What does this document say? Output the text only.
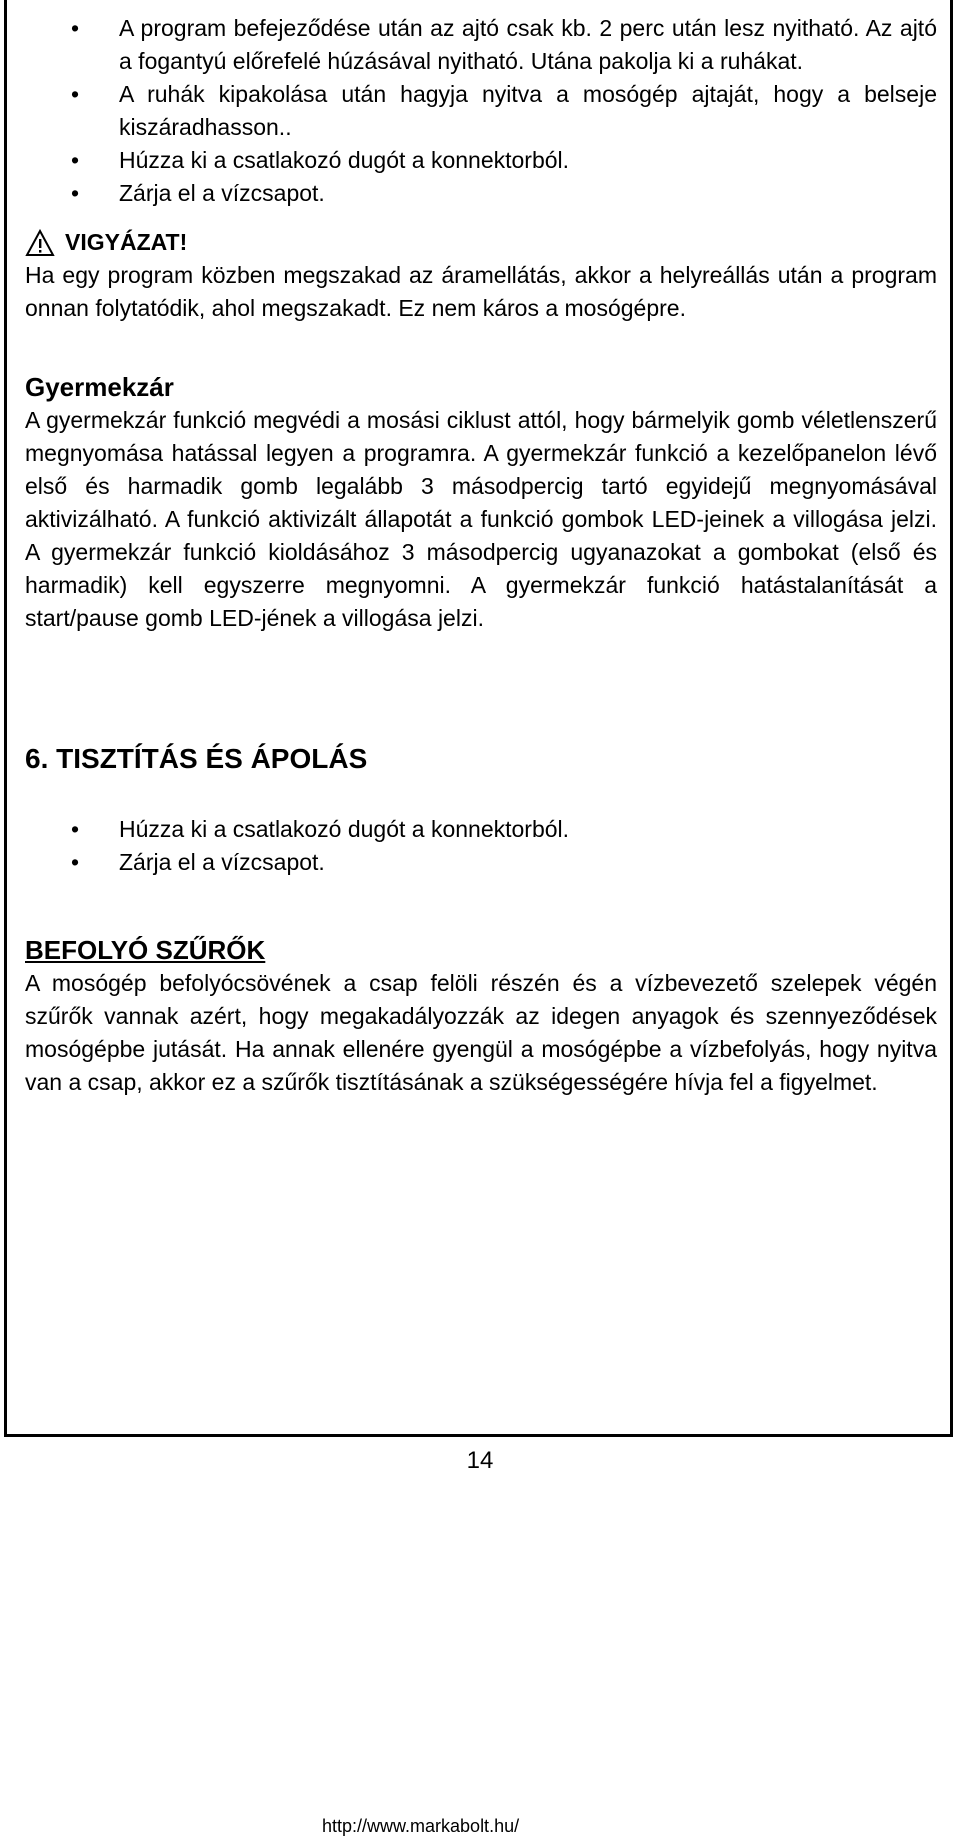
• A program befejeződése után az ajtó csak kb. 2 perc után lesz nyitható. Az ajtó a fogantyú előrefelé húzásával nyitható. Utána pakolja ki a ruhákat.
• A ruhák kipakolása után hagyja nyitva a mosógép ajtaját, hogy a belseje kiszáradhasson..
• Húzza ki a csatlakozó dugót a konnektorból.
• Zárja el a vízcsapot.
VIGYÁZAT!
Ha egy program közben megszakad az áramellátás, akkor a helyreállás után a program onnan folytatódik, ahol megszakadt. Ez nem káros a mosógépre.
Gyermekzár
A gyermekzár funkció megvédi a mosási ciklust attól, hogy bármelyik gomb véletlenszerű megnyomása hatással legyen a programra. A gyermekzár funkció a kezelőpanelon lévő első és harmadik gomb legalább 3 másodpercig tartó egyidejű megnyomásával aktivizálható. A funkció aktivizált állapotát a funkció gombok LED-jeinek a villogása jelzi. A gyermekzár funkció kioldásához 3 másodpercig ugyanazokat a gombokat (első és harmadik) kell egyszerre megnyomni. A gyermekzár funkció hatástalanítását a start/pause gomb LED-jének a villogása jelzi.
6. TISZTÍTÁS ÉS ÁPOLÁS
• Húzza ki a csatlakozó dugót a konnektorból.
• Zárja el a vízcsapot.
BEFOLYÓ SZŰRŐK
A mosógép befolyócsövének a csap felöli részén és a vízbevezető szelepek végén szűrők vannak azért, hogy megakadályozzák az idegen anyagok és szennyeződések mosógépbe jutását. Ha annak ellenére gyengül a mosógépbe a vízbefolyás, hogy nyitva van a csap, akkor ez a szűrők tisztításának a szükségességére hívja fel a figyelmet.
14
http://www.markabolt.hu/
